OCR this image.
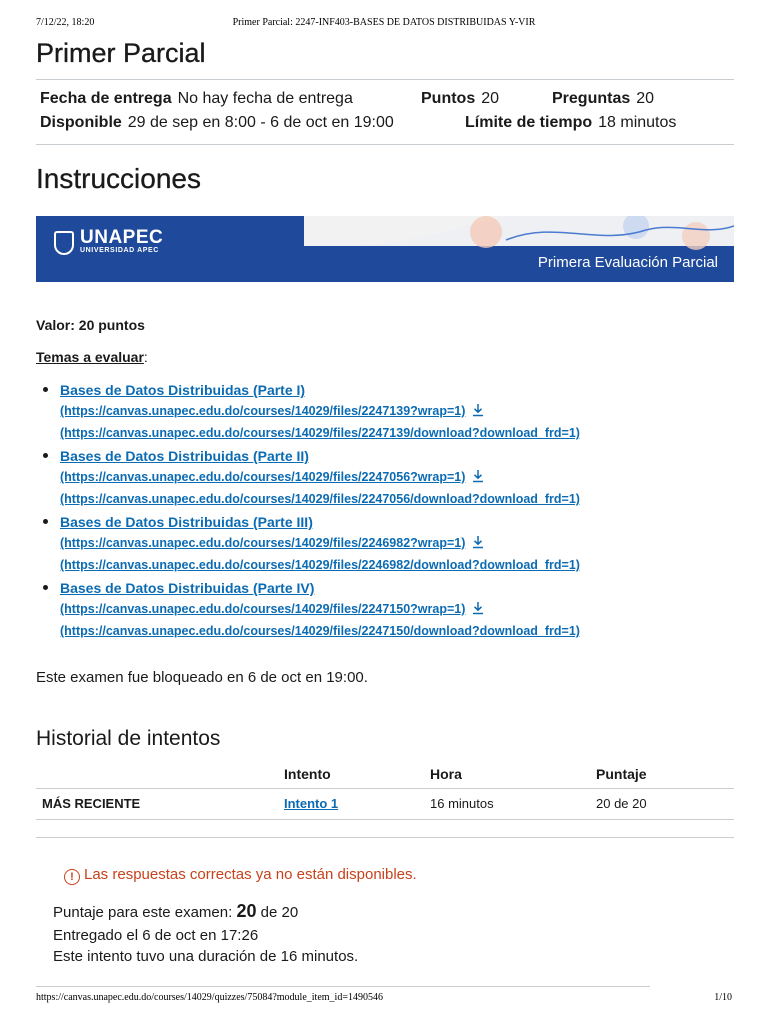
7/12/22, 18:20	Primer Parcial: 2247-INF403-BASES DE DATOS DISTRIBUIDAS Y-VIR
Primer Parcial
Fecha de entrega No hay fecha de entrega	Puntos 20	Preguntas 20
Disponible 29 de sep en 8:00 - 6 de oct en 19:00	Límite de tiempo 18 minutos
Instrucciones
UNAPEC
UNIVERSIDAD APEC
Primera Evaluación Parcial
Valor: 20 puntos
Temas a evaluar:
Bases de Datos Distribuidas (Parte I)
(https://canvas.unapec.edu.do/courses/14029/files/2247139?wrap=1)
(https://canvas.unapec.edu.do/courses/14029/files/2247139/download?download_frd=1)
Bases de Datos Distribuidas (Parte II)
(https://canvas.unapec.edu.do/courses/14029/files/2247056?wrap=1)
(https://canvas.unapec.edu.do/courses/14029/files/2247056/download?download_frd=1)
Bases de Datos Distribuidas (Parte III)
(https://canvas.unapec.edu.do/courses/14029/files/2246982?wrap=1)
(https://canvas.unapec.edu.do/courses/14029/files/2246982/download?download_frd=1)
Bases de Datos Distribuidas (Parte IV)
(https://canvas.unapec.edu.do/courses/14029/files/2247150?wrap=1)
(https://canvas.unapec.edu.do/courses/14029/files/2247150/download?download_frd=1)
Este examen fue bloqueado en 6 de oct en 19:00.
Historial de intentos
	Intento	Hora	Puntaje
MÁS RECIENTE	Intento 1	16 minutos	20 de 20
! Las respuestas correctas ya no están disponibles.
Puntaje para este examen: 20 de 20
Entregado el 6 de oct en 17:26
Este intento tuvo una duración de 16 minutos.
https://canvas.unapec.edu.do/courses/14029/quizzes/75084?module_item_id=1490546	1/10
